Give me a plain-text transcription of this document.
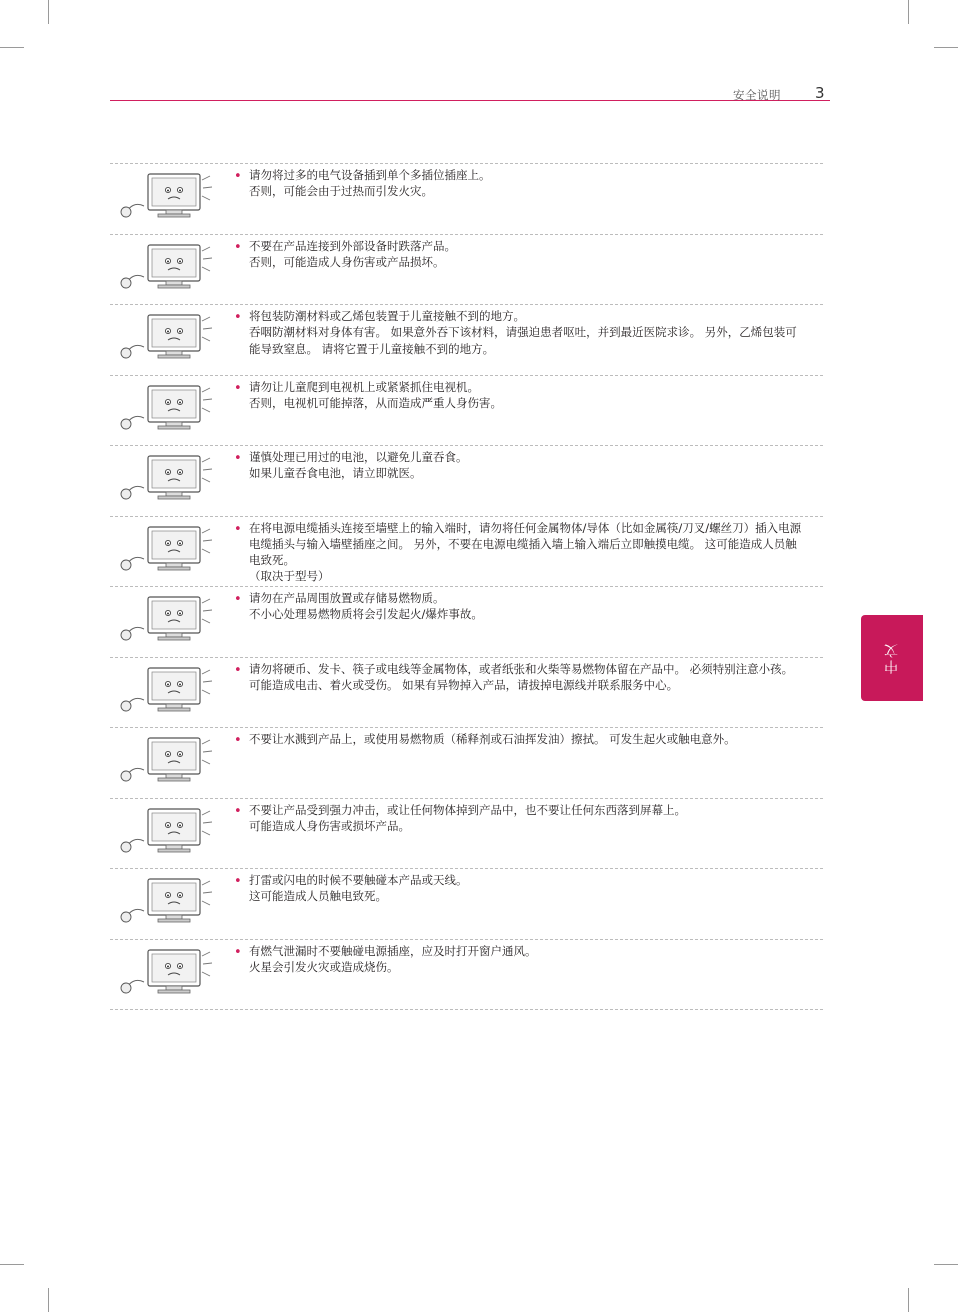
安全说明 3
中文
• 请勿将过多的电气设备插到单个多插位插座上。

否则，可能会由于过热而引发火灾。

• 不要在产品连接到外部设备时跌落产品。

否则，可能造成人身伤害或产品损坏。

• 将包装防潮材料或乙烯包装置于儿童接触不到的地方。

吞咽防潮材料对身体有害。 如果意外吞下该材料，请强迫患者呕吐，并到最近医院求诊。 另外，乙烯包装可能导致窒息。 请将它置于儿童接触不到的地方。

• 请勿让儿童爬到电视机上或紧紧抓住电视机。

否则，电视机可能掉落，从而造成严重人身伤害。

• 谨慎处理已用过的电池，以避免儿童吞食。

如果儿童吞食电池，请立即就医。

• 在将电源电缆插头连接至墙壁上的输入端时，请勿将任何金属物体/导体（比如金属筷/刀叉/螺丝刀）插入电源电缆插头与输入墙壁插座之间。 另外，不要在电源电缆插入墙上输入端后立即触摸电缆。 这可能造成人员触电致死。

（取决于型号）

• 请勿在产品周围放置或存储易燃物质。

不小心处理易燃物质将会引发起火/爆炸事故。

• 请勿将硬币、发卡、筷子或电线等金属物体，或者纸张和火柴等易燃物体留在产品中。 必须特别注意小孩。

可能造成电击、着火或受伤。 如果有异物掉入产品，请拔掉电源线并联系服务中心。

• 不要让水溅到产品上，或使用易燃物质（稀释剂或石油挥发油）擦拭。 可发生起火或触电意外。

• 不要让产品受到强力冲击，或让任何物体掉到产品中，也不要让任何东西落到屏幕上。

可能造成人身伤害或损坏产品。

• 打雷或闪电的时候不要触碰本产品或天线。

这可能造成人员触电致死。

• 有燃气泄漏时不要触碰电源插座，应及时打开窗户通风。

火星会引发火灾或造成烧伤。
